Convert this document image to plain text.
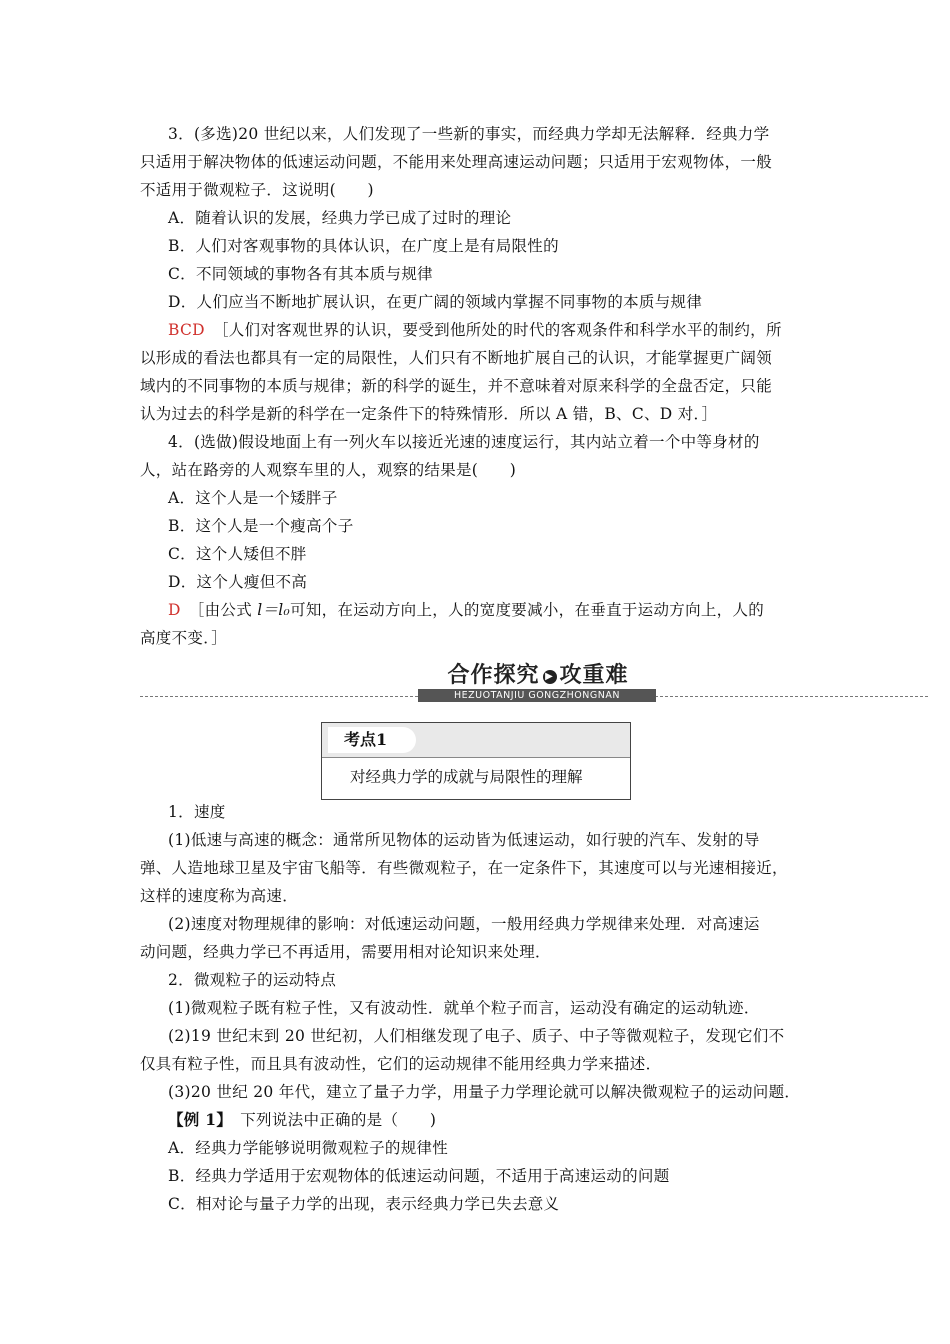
3．(多选)20 世纪以来，人们发现了一些新的事实，而经典力学却无法解释．经典力学
只适用于解决物体的低速运动问题，不能用来处理高速运动问题；只适用于宏观物体，一般
不适用于微观粒子．这说明(　　)
A．随着认识的发展，经典力学已成了过时的理论
B．人们对客观事物的具体认识，在广度上是有局限性的
C．不同领域的事物各有其本质与规律
D．人们应当不断地扩展认识，在更广阔的领域内掌握不同事物的本质与规律
BCD  ［人们对客观世界的认识，要受到他所处的时代的客观条件和科学水平的制约，所
以形成的看法也都具有一定的局限性，人们只有不断地扩展自己的认识，才能掌握更广阔领
域内的不同事物的本质与规律；新的科学的诞生，并不意味着对原来科学的全盘否定，只能
认为过去的科学是新的科学在一定条件下的特殊情形．所以 A 错，B、C、D 对．］
4．(选做)假设地面上有一列火车以接近光速的速度运行，其内站立着一个中等身材的
人，站在路旁的人观察车里的人，观察的结果是(　　)
A．这个人是一个矮胖子
B．这个人是一个瘦高个子
C．这个人矮但不胖
D．这个人瘦但不高
D  ［由公式 l＝l₀可知，在运动方向上，人的宽度要减小，在垂直于运动方向上，人的
高度不变．］
合作探究 ▶ 攻重难
HEZUOTANJIU GONGZHONGNAN
考点1
对经典力学的成就与局限性的理解
1．速度
(1)低速与高速的概念：通常所见物体的运动皆为低速运动，如行驶的汽车、发射的导
弹、人造地球卫星及宇宙飞船等．有些微观粒子，在一定条件下，其速度可以与光速相接近，
这样的速度称为高速．
(2)速度对物理规律的影响：对低速运动问题，一般用经典力学规律来处理．对高速运
动问题，经典力学已不再适用，需要用相对论知识来处理．
2．微观粒子的运动特点
(1)微观粒子既有粒子性，又有波动性．就单个粒子而言，运动没有确定的运动轨迹．
(2)19 世纪末到 20 世纪初，人们相继发现了电子、质子、中子等微观粒子，发现它们不
仅具有粒子性，而且具有波动性，它们的运动规律不能用经典力学来描述．
(3)20 世纪 20 年代，建立了量子力学，用量子力学理论就可以解决微观粒子的运动问题．
【例 1】　下列说法中正确的是（　　)
A．经典力学能够说明微观粒子的规律性
B．经典力学适用于宏观物体的低速运动问题，不适用于高速运动的问题
C．相对论与量子力学的出现，表示经典力学已失去意义
